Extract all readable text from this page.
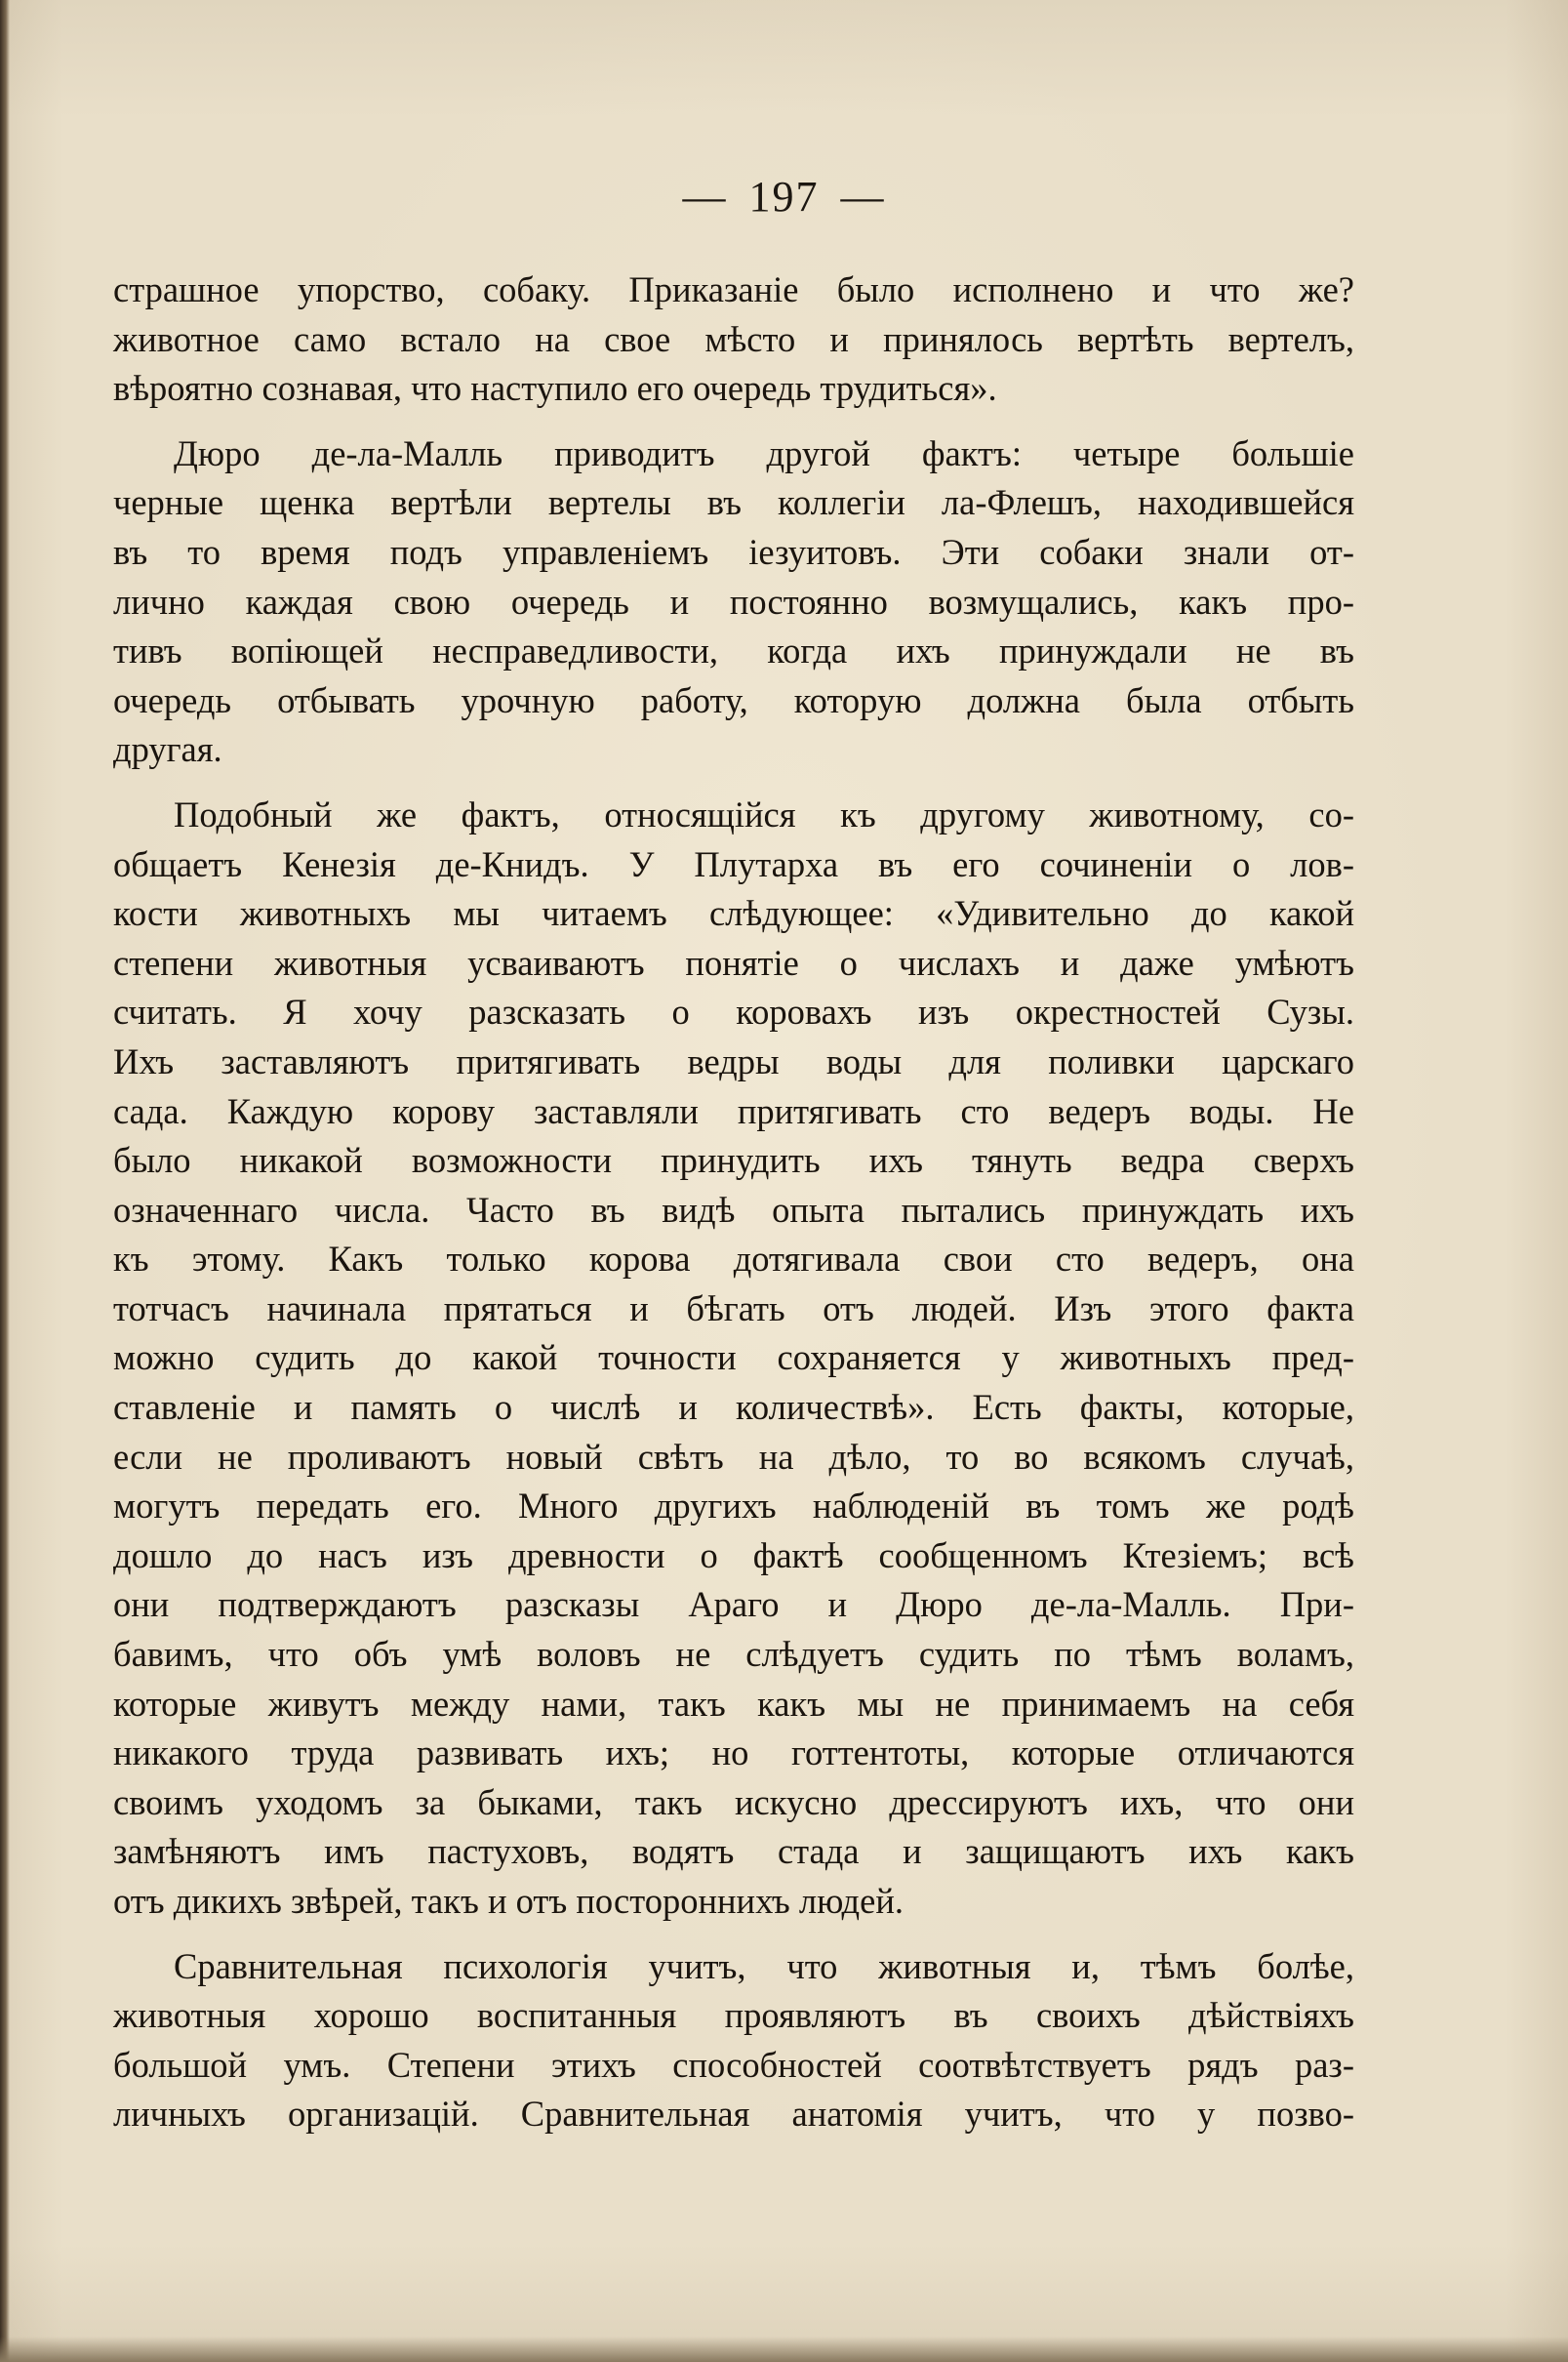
— 197 —
страшное упорство, собаку. Приказаніе было исполнено и что же?
животное само встало на свое мѣсто и принялось вертѣть вертелъ,
вѣроятно сознавая, что наступило его очередь трудиться».
Дюро де-ла-Малль приводитъ другой фактъ: четыре большіе
черные щенка вертѣли вертелы въ коллегіи ла-Флешъ, находившейся
въ то время подъ управленіемъ іезуитовъ. Эти собаки знали от-
лично каждая свою очередь и постоянно возмущались, какъ про-
тивъ вопіющей несправедливости, когда ихъ принуждали не въ
очередь отбывать урочную работу, которую должна была отбыть
другая.
Подобный же фактъ, относящійся къ другому животному, со-
общаетъ Кенезія де-Книдъ. У Плутарха въ его сочиненіи о лов-
кости животныхъ мы читаемъ слѣдующее: «Удивительно до какой
степени животныя усваиваютъ понятіе о числахъ и даже умѣютъ
считать. Я хочу разсказать о коровахъ изъ окрестностей Сузы.
Ихъ заставляютъ притягивать ведры воды для поливки царскаго
сада. Каждую корову заставляли притягивать сто ведеръ воды. Не
было никакой возможности принудить ихъ тянуть ведра сверхъ
означеннаго числа. Часто въ видѣ опыта пытались принуждать ихъ
къ этому. Какъ только корова дотягивала свои сто ведеръ, она
тотчасъ начинала прятаться и бѣгать отъ людей. Изъ этого факта
можно судить до какой точности сохраняется у животныхъ пред-
ставленіе и память о числѣ и количествѣ». Есть факты, которые,
если не проливаютъ новый свѣтъ на дѣло, то во всякомъ случаѣ,
могутъ передать его. Много другихъ наблюденій въ томъ же родѣ
дошло до насъ изъ древности о фактѣ сообщенномъ Ктезіемъ; всѣ
они подтверждаютъ разсказы Араго и Дюро де-ла-Малль. При-
бавимъ, что объ умѣ воловъ не слѣдуетъ судить по тѣмъ воламъ,
которые живутъ между нами, такъ какъ мы не принимаемъ на себя
никакого труда развивать ихъ; но готтентоты, которые отличаются
своимъ уходомъ за быками, такъ искусно дрессируютъ ихъ, что они
замѣняютъ имъ пастуховъ, водятъ стада и защищаютъ ихъ какъ
отъ дикихъ звѣрей, такъ и отъ постороннихъ людей.
Сравнительная психологія учитъ, что животныя и, тѣмъ болѣе,
животныя хорошо воспитанныя проявляютъ въ своихъ дѣйствіяхъ
большой умъ. Степени этихъ способностей соотвѣтствуетъ рядъ раз-
личныхъ организацій. Сравнительная анатомія учитъ, что у позво-
